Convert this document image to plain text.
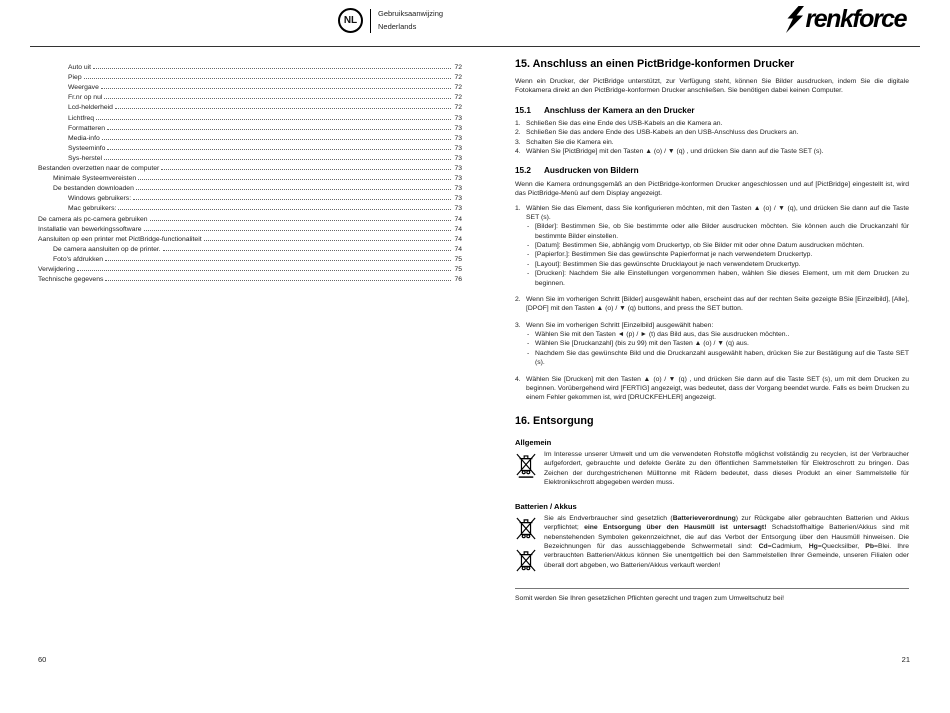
NL
Gebruiksaanwijzing
Nederlands	renkforce
Auto uit	72
Piep	72
Weergave	72
Fr.nr op nul	72
Lcd-helderheid	72
Lichtfreq	73
Formatteren	73
Media-info	73
Systeeminfo	73
Sys-herstel	73
Bestanden overzetten naar de computer	73
Minimale Systeemvereisten	73
De bestanden downloaden	73
Windows gebruikers:	73
Mac gebruikers:	73
De camera als pc-camera gebruiken	74
Installatie van bewerkingssoftware	74
Aansluiten op een printer met PictBridge-functionaliteit	74
De camera aansluiten op de printer.	74
Foto's afdrukken	75
Verwijdering	75
Technische gegevens	76
15. Anschluss an einen PictBridge-konformen Drucker

Wenn ein Drucker, der PictBridge unterstützt, zur Verfügung steht, können Sie Bilder ausdrucken, indem Sie die digitale Fotokamera direkt an den PictBridge-konformen Drucker anschließen. Sie benötigen dabei keinen Computer.

15.1 Anschluss der Kamera an den Drucker
1. Schließen Sie das eine Ende des USB-Kabels an die Kamera an.
2. Schließen Sie das andere Ende des USB-Kabels an den USB-Anschluss des Druckers an.
3. Schalten Sie die Kamera ein.
4. Wählen Sie [PictBridge] mit den Tasten ▲ (o) / ▼ (q) , und drücken Sie dann auf die Taste SET (s).
15.2 Ausdrucken von Bildern

Wenn die Kamera ordnungsgemäß an den PictBridge-konformen Drucker angeschlossen und auf [PictBridge] eingestellt ist, wird das PictBridge-Menü auf dem Display angezeigt.

1. Wählen Sie das Element, dass Sie konfigurieren möchten, mit den Tasten ▲ (o) / ▼ (q), und drücken Sie dann auf die Taste SET (s).
- [Bilder]: Bestimmen Sie, ob Sie bestimmte oder alle Bilder ausdrucken möchten. Sie können auch die Druckanzahl für bestimmte Bilder einstellen.
- [Datum]: Bestimmen Sie, abhängig vom Druckertyp, ob Sie Bilder mit oder ohne Datum ausdrucken möchten.
- [Papierfor.]: Bestimmen Sie das gewünschte Papierformat je nach verwendetem Druckertyp.
- [Layout]: Bestimmen Sie das gewünschte Drucklayout je nach verwendetem Druckertyp.
- [Drucken]: Nachdem Sie alle Einstellungen vorgenommen haben, wählen Sie dieses Element, um mit dem Drucken zu beginnen.
2. Wenn Sie im vorherigen Schritt [Bilder] ausgewählt haben, erscheint das auf der rechten Seite gezeigte BSie [Einzelbild], [Alle], [DPOF] mit den Tasten ▲ (o) / ▼ (q) buttons, and press the SET button.
3. Wenn Sie im vorherigen Schritt [Einzelbild] ausgewählt haben:
- Wählen Sie mit den Tasten ◄ (p) / ► (t) das Bild aus, das Sie ausdrucken möchten..
- Wählen Sie [Druckanzahl] (bis zu 99) mit den Tasten ▲ (o) / ▼ (q) aus.
- Nachdem Sie das gewünschte Bild und die Druckanzahl ausgewählt haben, drücken Sie zur Bestätigung auf die Taste SET (s).
4. Wählen Sie [Drucken] mit den Tasten ▲ (o) / ▼ (q) , und drücken Sie dann auf die Taste SET (s), um mit dem Drucken zu beginnen. Vorübergehend wird [FERTIG] angezeigt, was bedeutet, dass der Vorgang beendet wurde. Falls es beim Drucken zu einem Fehler gekommen ist, wird [DRUCKFEHLER] angezeigt.
16. Entsorgung
Allgemein
Im Interesse unserer Umwelt und um die verwendeten Rohstoffe möglichst vollständig zu recyclen, ist der Verbraucher aufgefordert, gebrauchte und defekte Geräte zu den öffentlichen Sammelstellen für Elektroschrott zu bringen. Das Zeichen der durchgestrichenen Mülltonne mit Rädern bedeutet, dass dieses Produkt an einer Sammelstelle für Elektronikschrott abgegeben werden muss.
Batterien / Akkus
Sie als Endverbraucher sind gesetzlich (Batterieverordnung) zur Rückgabe aller gebrauchten Batterien und Akkus verpflichtet; eine Entsorgung über den Hausmüll ist untersagt! Schadstoffhaltige Batterien/Akkus sind mit nebenstehenden Symbolen gekennzeichnet, die auf das Verbot der Entsorgung über den Hausmüll hinweisen. Die Bezeichnungen für das ausschlaggebende Schwermetall sind: Cd=Cadmium, Hg=Quecksilber, Pb=Blei. Ihre verbrauchten Batterien/Akkus können Sie unentgeltlich bei den Sammelstellen Ihrer Gemeinde, unseren Filialen oder überall dort abgeben, wo Batterien/Akkus verkauft werden!
Somit werden Sie Ihren gesetzlichen Pflichten gerecht und tragen zum Umweltschutz bei!
60	21
